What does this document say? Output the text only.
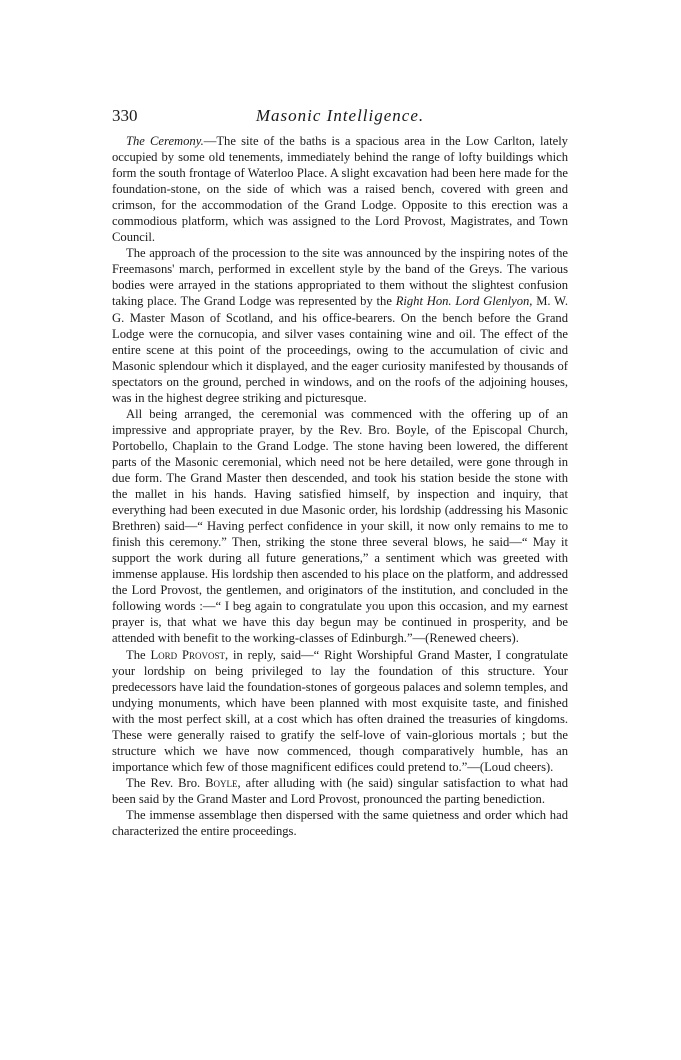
330	Masonic Intelligence.

The Ceremony.—The site of the baths is a spacious area in the Low Carlton, lately occupied by some old tenements, immediately behind the range of lofty buildings which form the south frontage of Waterloo Place. A slight excavation had been here made for the foundation-stone, on the side of which was a raised bench, covered with green and crimson, for the accommodation of the Grand Lodge. Opposite to this erection was a commodious platform, which was assigned to the Lord Provost, Magistrates, and Town Council.

The approach of the procession to the site was announced by the inspiring notes of the Freemasons' march, performed in excellent style by the band of the Greys. The various bodies were arrayed in the stations appropriated to them without the slightest confusion taking place. The Grand Lodge was represented by the Right Hon. Lord Glenlyon, M. W. G. Master Mason of Scotland, and his office-bearers. On the bench before the Grand Lodge were the cornucopia, and silver vases containing wine and oil. The effect of the entire scene at this point of the proceedings, owing to the accumulation of civic and Masonic splendour which it displayed, and the eager curiosity manifested by thousands of spectators on the ground, perched in windows, and on the roofs of the adjoining houses, was in the highest degree striking and picturesque.

All being arranged, the ceremonial was commenced with the offering up of an impressive and appropriate prayer, by the Rev. Bro. Boyle, of the Episcopal Church, Portobello, Chaplain to the Grand Lodge. The stone having been lowered, the different parts of the Masonic ceremonial, which need not be here detailed, were gone through in due form. The Grand Master then descended, and took his station beside the stone with the mallet in his hands. Having satisfied himself, by inspection and inquiry, that everything had been executed in due Masonic order, his lordship (addressing his Masonic Brethren) said—“ Having perfect confidence in your skill, it now only remains to me to finish this ceremony.” Then, striking the stone three several blows, he said—“ May it support the work during all future generations,” a sentiment which was greeted with immense applause. His lordship then ascended to his place on the platform, and addressed the Lord Provost, the gentlemen, and originators of the institution, and concluded in the following words :—“ I beg again to congratulate you upon this occasion, and my earnest prayer is, that what we have this day begun may be continued in prosperity, and be attended with benefit to the working-classes of Edinburgh.”—(Renewed cheers).

The Lord Provost, in reply, said—“ Right Worshipful Grand Master, I congratulate your lordship on being privileged to lay the foundation of this structure. Your predecessors have laid the foundation-stones of gorgeous palaces and solemn temples, and undying monuments, which have been planned with most exquisite taste, and finished with the most perfect skill, at a cost which has often drained the treasuries of kingdoms. These were generally raised to gratify the self-love of vain-glorious mortals ; but the structure which we have now commenced, though comparatively humble, has an importance which few of those magnificent edifices could pretend to.”—(Loud cheers).

The Rev. Bro. Boyle, after alluding with (he said) singular satisfaction to what had been said by the Grand Master and Lord Provost, pronounced the parting benediction.

The immense assemblage then dispersed with the same quietness and order which had characterized the entire proceedings.
